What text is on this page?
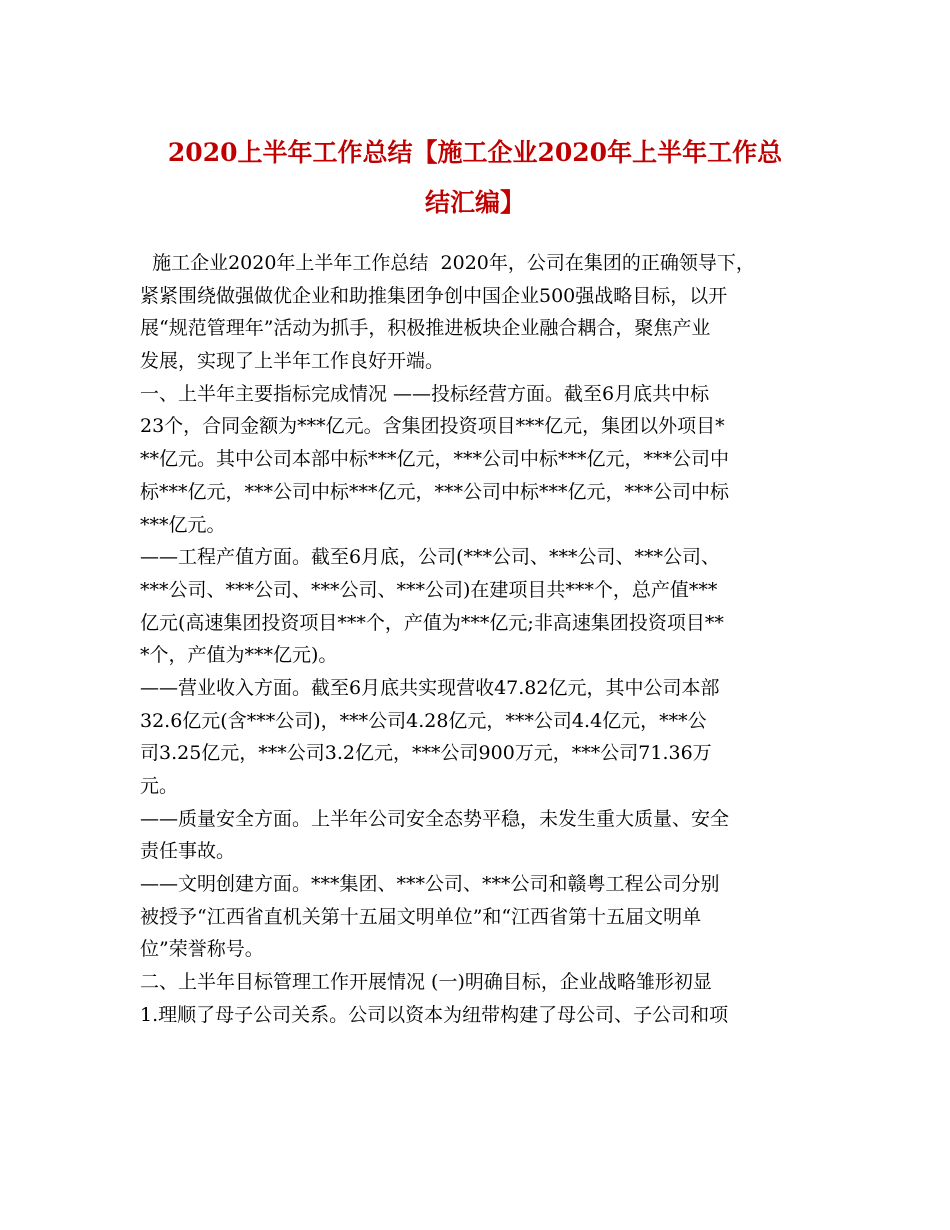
2020上半年工作总结【施工企业2020年上半年工作总
结汇编】
施工企业2020年上半年工作总结  2020年，公司在集团的正确领导下，
紧紧围绕做强做优企业和助推集团争创中国企业500强战略目标，以开
展“规范管理年”活动为抓手，积极推进板块企业融合耦合，聚焦产业
发展，实现了上半年工作良好开端。
一、上半年主要指标完成情况 ——投标经营方面。截至6月底共中标
23个，合同金额为***亿元。含集团投资项目***亿元，集团以外项目*
**亿元。其中公司本部中标***亿元，***公司中标***亿元，***公司中
标***亿元，***公司中标***亿元，***公司中标***亿元，***公司中标
***亿元。
——工程产值方面。截至6月底，公司(***公司、***公司、***公司、
***公司、***公司、***公司、***公司)在建项目共***个，总产值***
亿元(高速集团投资项目***个，产值为***亿元;非高速集团投资项目**
*个，产值为***亿元)。
——营业收入方面。截至6月底共实现营收47.82亿元，其中公司本部
32.6亿元(含***公司)，***公司4.28亿元，***公司4.4亿元，***公
司3.25亿元，***公司3.2亿元，***公司900万元，***公司71.36万
元。
——质量安全方面。上半年公司安全态势平稳，未发生重大质量、安全
责任事故。
——文明创建方面。***集团、***公司、***公司和赣粤工程公司分别
被授予“江西省直机关第十五届文明单位”和“江西省第十五届文明单
位”荣誉称号。
二、上半年目标管理工作开展情况 (一)明确目标，企业战略雏形初显
1.理顺了母子公司关系。公司以资本为纽带构建了母公司、子公司和项
